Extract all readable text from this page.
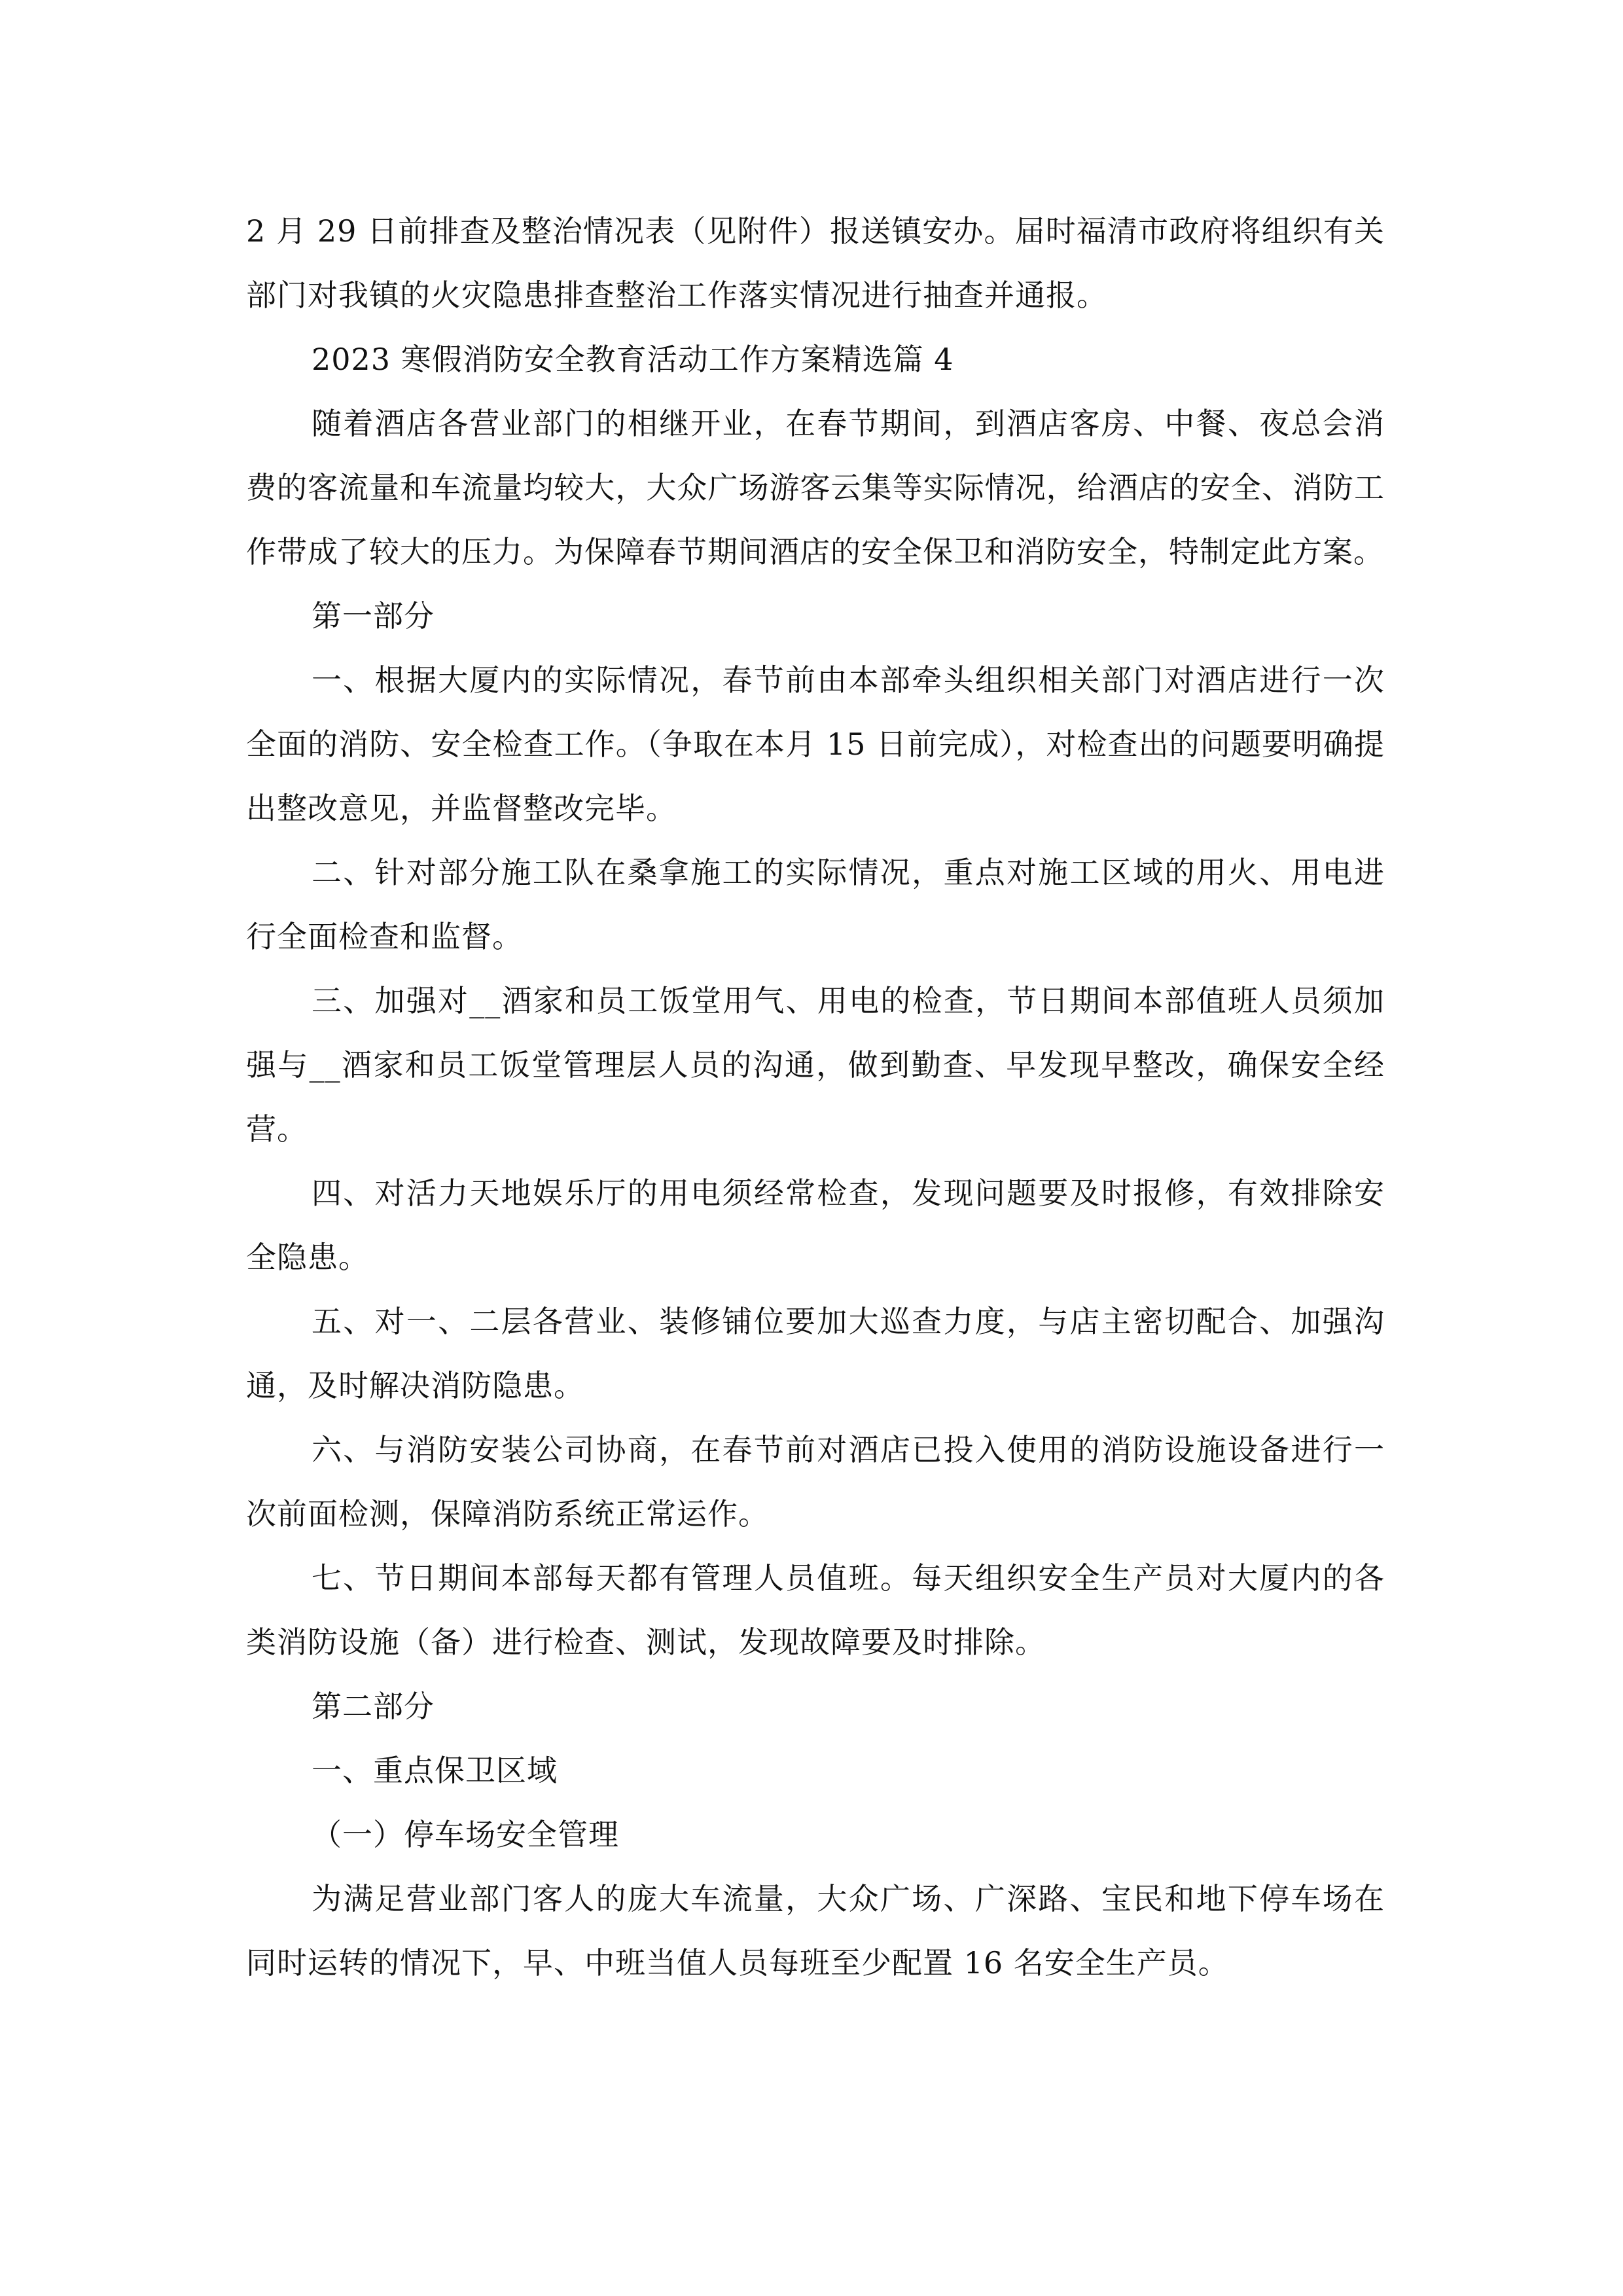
2 月 29 日前排查及整治情况表（见附件）报送镇安办。届时福清市政府将组织有关部门对我镇的火灾隐患排查整治工作落实情况进行抽查并通报。

2023 寒假消防安全教育活动工作方案精选篇 4

随着酒店各营业部门的相继开业，在春节期间，到酒店客房、中餐、夜总会消费的客流量和车流量均较大，大众广场游客云集等实际情况，给酒店的安全、消防工作带成了较大的压力。为保障春节期间酒店的安全保卫和消防安全，特制定此方案。

第一部分

一、根据大厦内的实际情况，春节前由本部牵头组织相关部门对酒店进行一次全面的消防、安全检查工作。（争取在本月 15 日前完成），对检查出的问题要明确提出整改意见，并监督整改完毕。

二、针对部分施工队在桑拿施工的实际情况，重点对施工区域的用火、用电进行全面检查和监督。

三、加强对__酒家和员工饭堂用气、用电的检查，节日期间本部值班人员须加强与__酒家和员工饭堂管理层人员的沟通，做到勤查、早发现早整改，确保安全经营。

四、对活力天地娱乐厅的用电须经常检查，发现问题要及时报修，有效排除安全隐患。

五、对一、二层各营业、装修铺位要加大巡查力度，与店主密切配合、加强沟通，及时解决消防隐患。

六、与消防安装公司协商，在春节前对酒店已投入使用的消防设施设备进行一次前面检测，保障消防系统正常运作。

七、节日期间本部每天都有管理人员值班。每天组织安全生产员对大厦内的各类消防设施（备）进行检查、测试，发现故障要及时排除。

第二部分

一、重点保卫区域

（一）停车场安全管理

为满足营业部门客人的庞大车流量，大众广场、广深路、宝民和地下停车场在同时运转的情况下，早、中班当值人员每班至少配置 16 名安全生产员。
